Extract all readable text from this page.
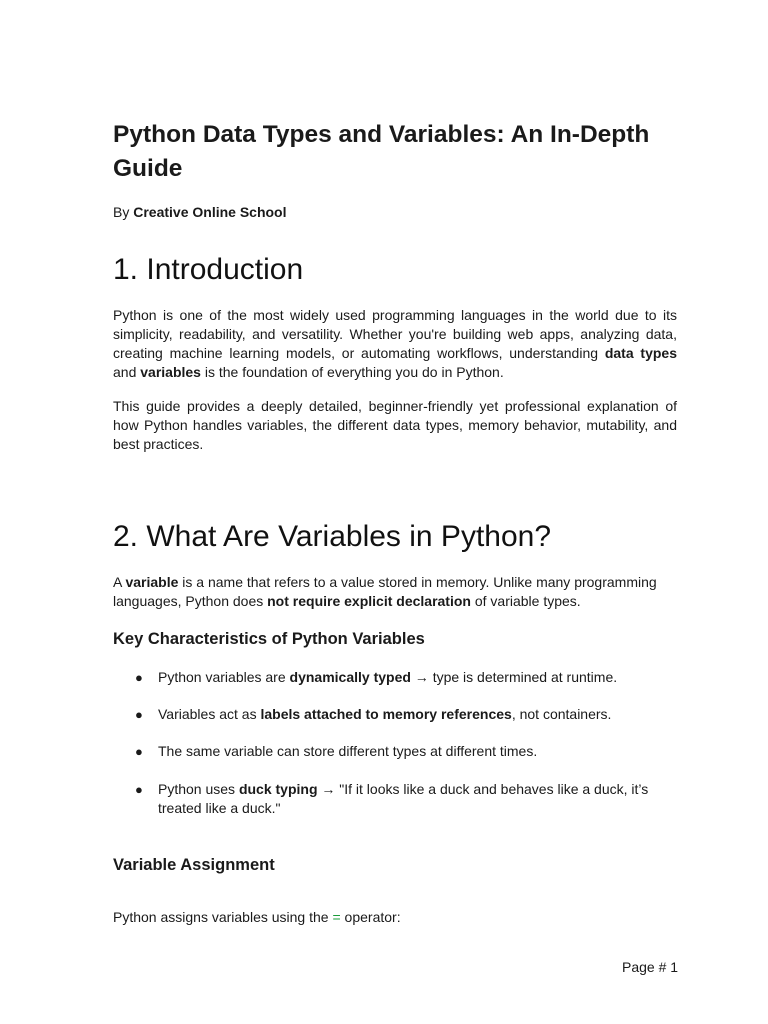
Python Data Types and Variables: An In-Depth Guide
By Creative Online School
1. Introduction

Python is one of the most widely used programming languages in the world due to its simplicity, readability, and versatility. Whether you're building web apps, analyzing data, creating machine learning models, or automating workflows, understanding data types and variables is the foundation of everything you do in Python.

This guide provides a deeply detailed, beginner-friendly yet professional explanation of how Python handles variables, the different data types, memory behavior, mutability, and best practices.

2. What Are Variables in Python?

A variable is a name that refers to a value stored in memory. Unlike many programming languages, Python does not require explicit declaration of variable types.

Key Characteristics of Python Variables
● Python variables are dynamically typed → type is determined at runtime.
● Variables act as labels attached to memory references, not containers.
● The same variable can store different types at different times.
● Python uses duck typing → "If it looks like a duck and behaves like a duck, it’s treated like a duck."
Variable Assignment

Python assigns variables using the = operator:

Page # 1
